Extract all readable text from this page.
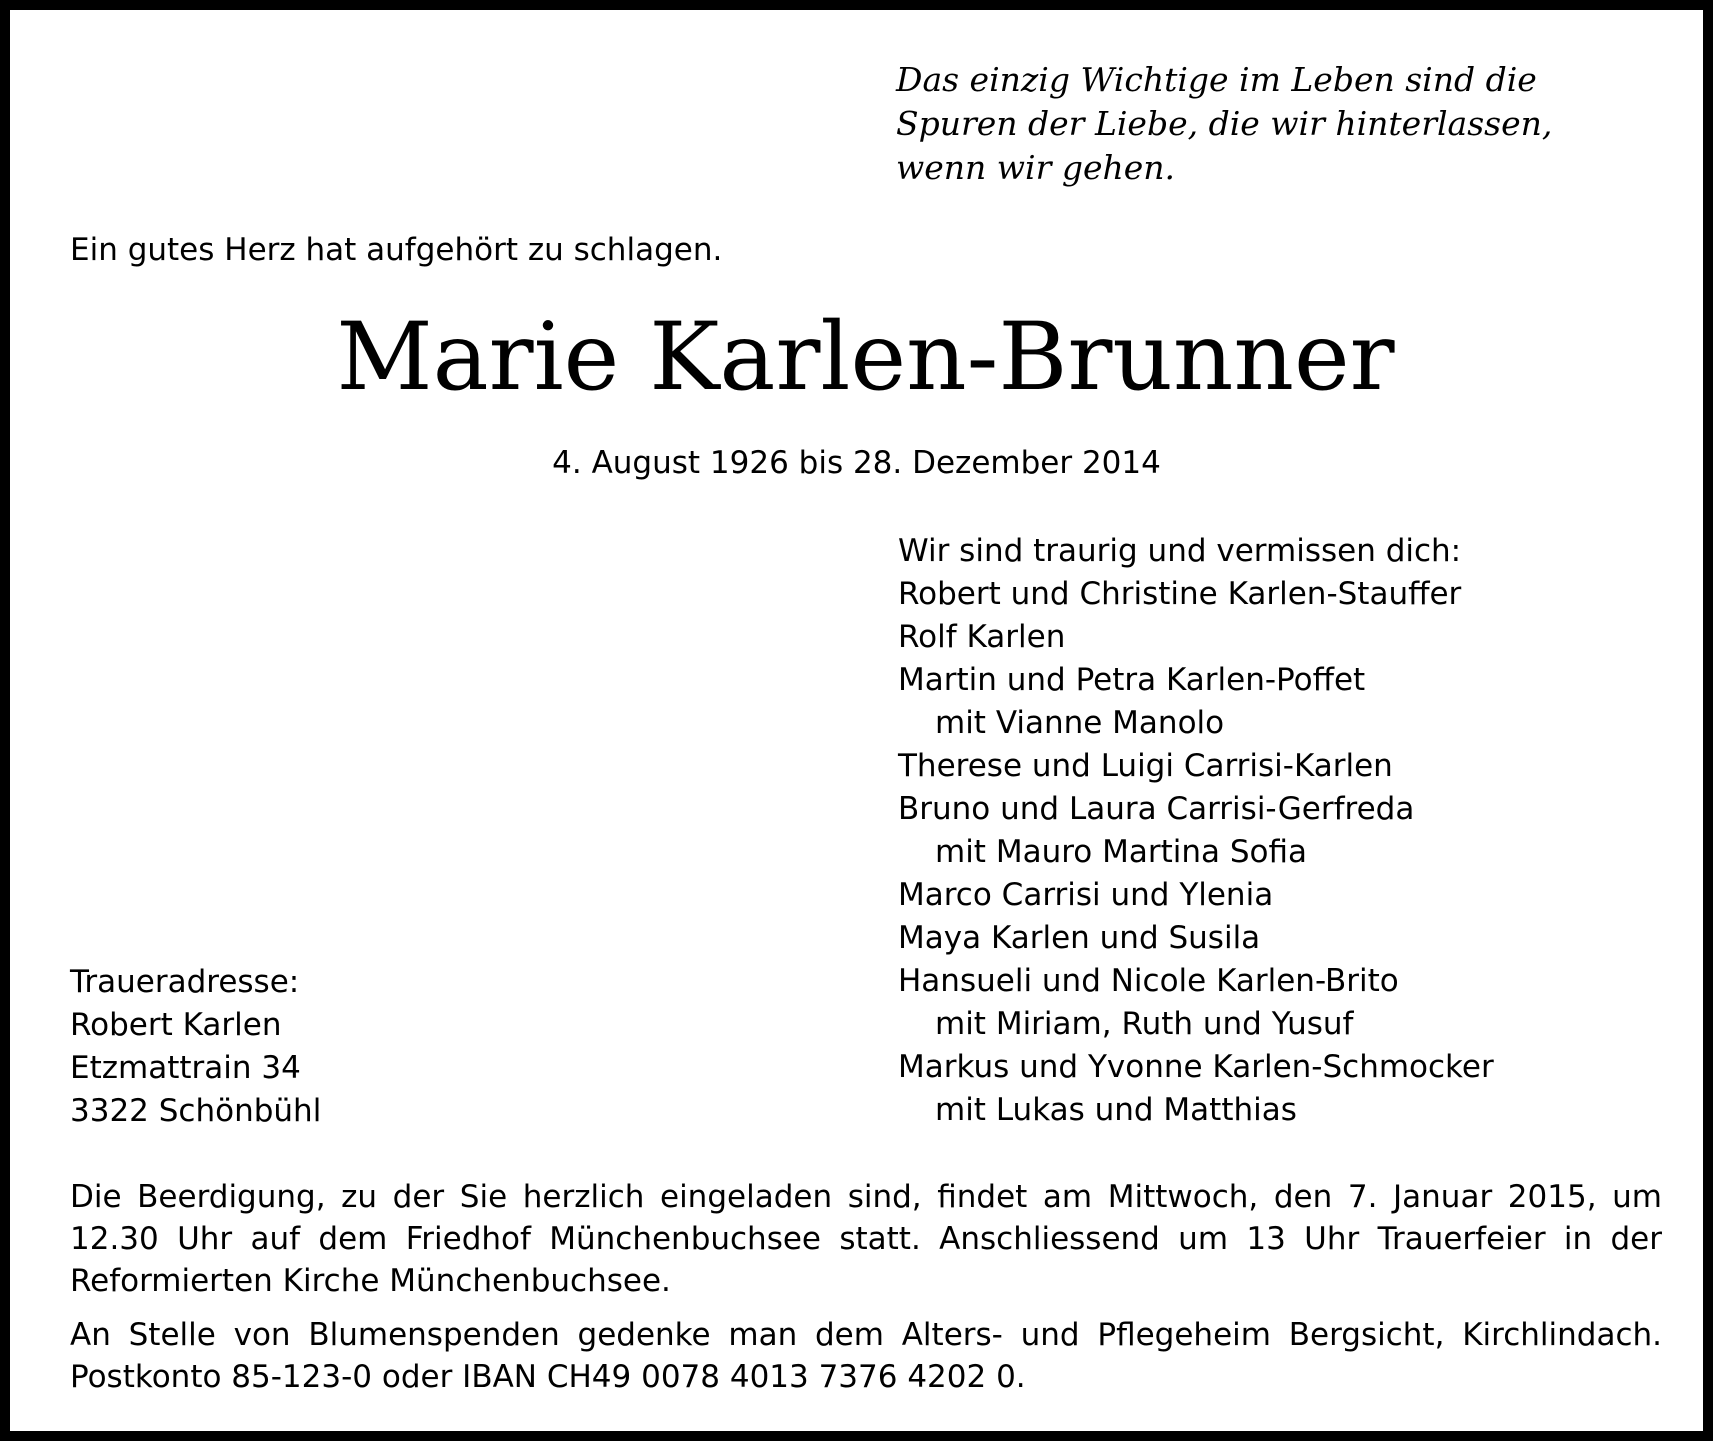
Das einzig Wichtige im Leben sind die
Spuren der Liebe, die wir hinterlassen,
wenn wir gehen.
Ein gutes Herz hat aufgehört zu schlagen.
Marie Karlen-Brunner
4. August 1926 bis 28. Dezember 2014
Wir sind traurig und vermissen dich:
Robert und Christine Karlen-Stauffer
Rolf Karlen
Martin und Petra Karlen-Poffet
mit Vianne Manolo
Therese und Luigi Carrisi-Karlen
Bruno und Laura Carrisi-Gerfreda
mit Mauro Martina Sofia
Marco Carrisi und Ylenia
Maya Karlen und Susila
Hansueli und Nicole Karlen-Brito
mit Miriam, Ruth und Yusuf
Markus und Yvonne Karlen-Schmocker
mit Lukas und Matthias
Traueradresse:
Robert Karlen
Etzmattrain 34
3322 Schönbühl

Die Beerdigung, zu der Sie herzlich eingeladen sind, findet am Mittwoch, den 7. Januar 2015, um 12.30 Uhr auf dem Friedhof Münchenbuchsee statt. Anschliessend um 13 Uhr Trauerfeier in der Reformierten Kirche Münchenbuchsee.

An Stelle von Blumenspenden gedenke man dem Alters- und Pflegeheim Bergsicht, Kirchlindach. Postkonto 85-123-0 oder IBAN CH49 0078 4013 7376 4202 0.
